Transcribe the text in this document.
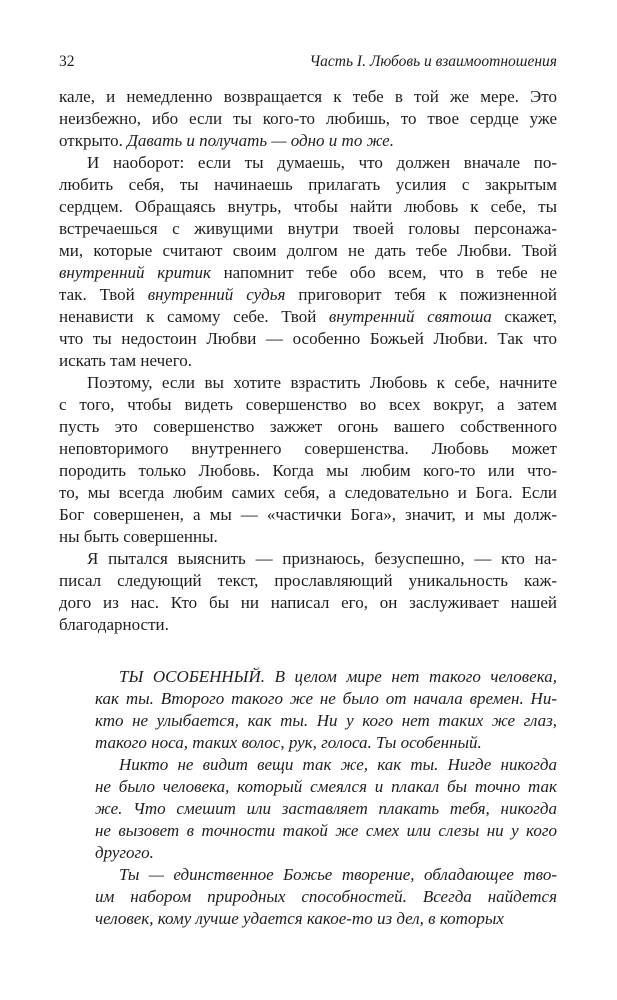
32	Часть I. Любовь и взаимоотношения
кале, и немедленно возвращается к тебе в той же мере. Это
неизбежно, ибо если ты кого-то любишь, то твое сердце уже
открыто. Давать и получать — одно и то же.
И наоборот: если ты думаешь, что должен вначале по-
любить себя, ты начинаешь прилагать усилия с закрытым
сердцем. Обращаясь внутрь, чтобы найти любовь к себе, ты
встречаешься с живущими внутри твоей головы персонажа-
ми, которые считают своим долгом не дать тебе Любви. Твой
внутренний критик напомнит тебе обо всем, что в тебе не
так. Твой внутренний судья приговорит тебя к пожизненной
ненависти к самому себе. Твой внутренний святоша скажет,
что ты недостоин Любви — особенно Божьей Любви. Так что
искать там нечего.
Поэтому, если вы хотите взрастить Любовь к себе, начните
с того, чтобы видеть совершенство во всех вокруг, а затем
пусть это совершенство зажжет огонь вашего собственного
неповторимого внутреннего совершенства. Любовь может
породить только Любовь. Когда мы любим кого-то или что-
то, мы всегда любим самих себя, а следовательно и Бога. Если
Бог совершенен, а мы — «частички Бога», значит, и мы долж-
ны быть совершенны.
Я пытался выяснить — признаюсь, безуспешно, — кто на-
писал следующий текст, прославляющий уникальность каж-
дого из нас. Кто бы ни написал его, он заслуживает нашей
благодарности.
ТЫ ОСОБЕННЫЙ. В целом мире нет такого человека,
как ты. Второго такого же не было от начала времен. Ни-
кто не улыбается, как ты. Ни у кого нет таких же глаз,
такого носа, таких волос, рук, голоса. Ты особенный.
Никто не видит вещи так же, как ты. Нигде никогда
не было человека, который смеялся и плакал бы точно так
же. Что смешит или заставляет плакать тебя, никогда
не вызовет в точности такой же смех или слезы ни у кого
другого.
Ты — единственное Божье творение, обладающее тво-
им набором природных способностей. Всегда найдется
человек, кому лучше удается какое-то из дел, в которых
